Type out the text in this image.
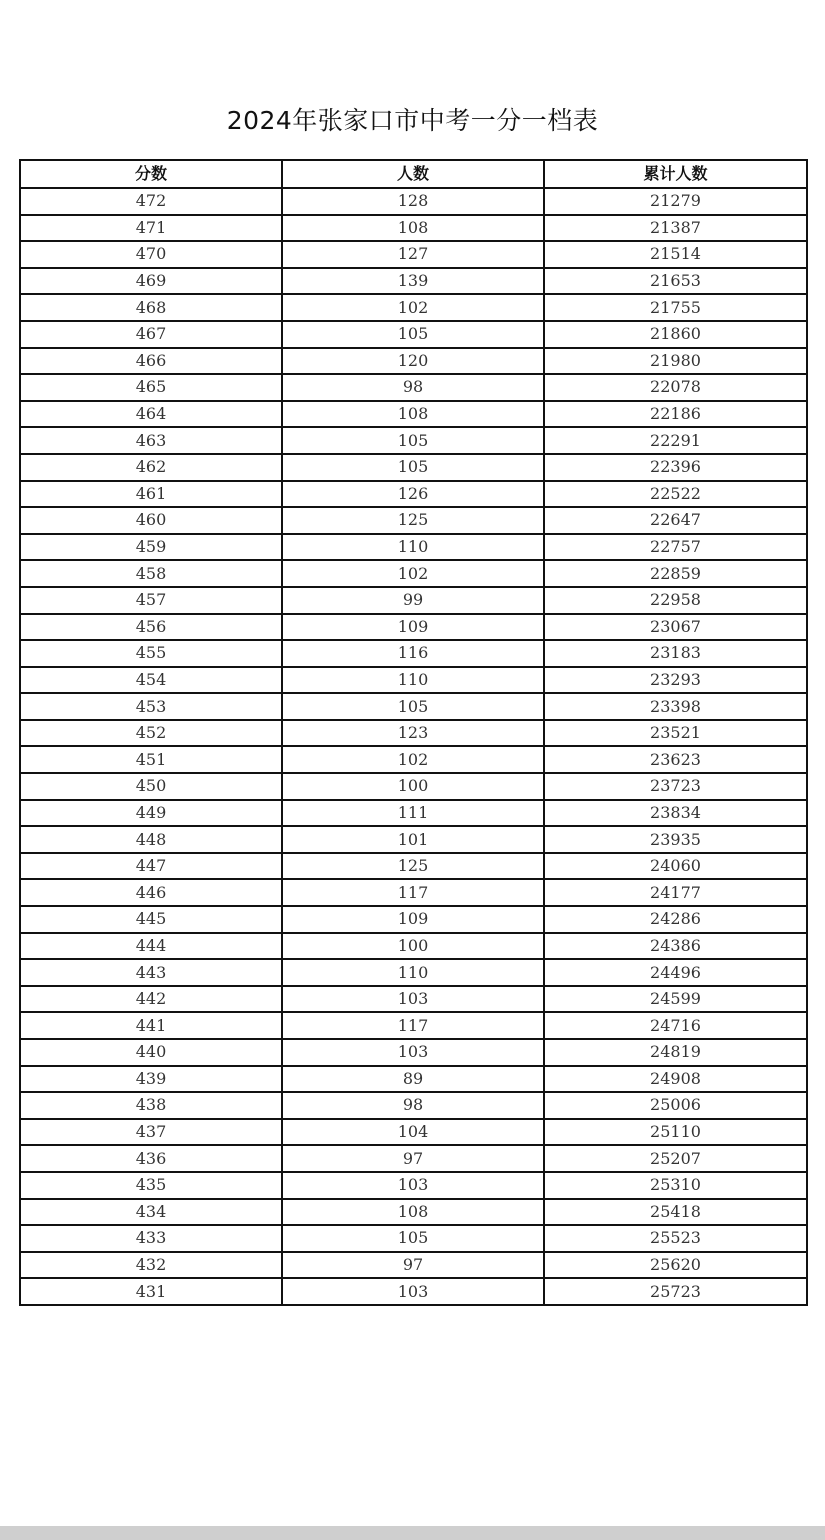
2024年张家口市中考一分一档表
分数	人数	累计人数
472	128	21279
471	108	21387
470	127	21514
469	139	21653
468	102	21755
467	105	21860
466	120	21980
465	98	22078
464	108	22186
463	105	22291
462	105	22396
461	126	22522
460	125	22647
459	110	22757
458	102	22859
457	99	22958
456	109	23067
455	116	23183
454	110	23293
453	105	23398
452	123	23521
451	102	23623
450	100	23723
449	111	23834
448	101	23935
447	125	24060
446	117	24177
445	109	24286
444	100	24386
443	110	24496
442	103	24599
441	117	24716
440	103	24819
439	89	24908
438	98	25006
437	104	25110
436	97	25207
435	103	25310
434	108	25418
433	105	25523
432	97	25620
431	103	25723
